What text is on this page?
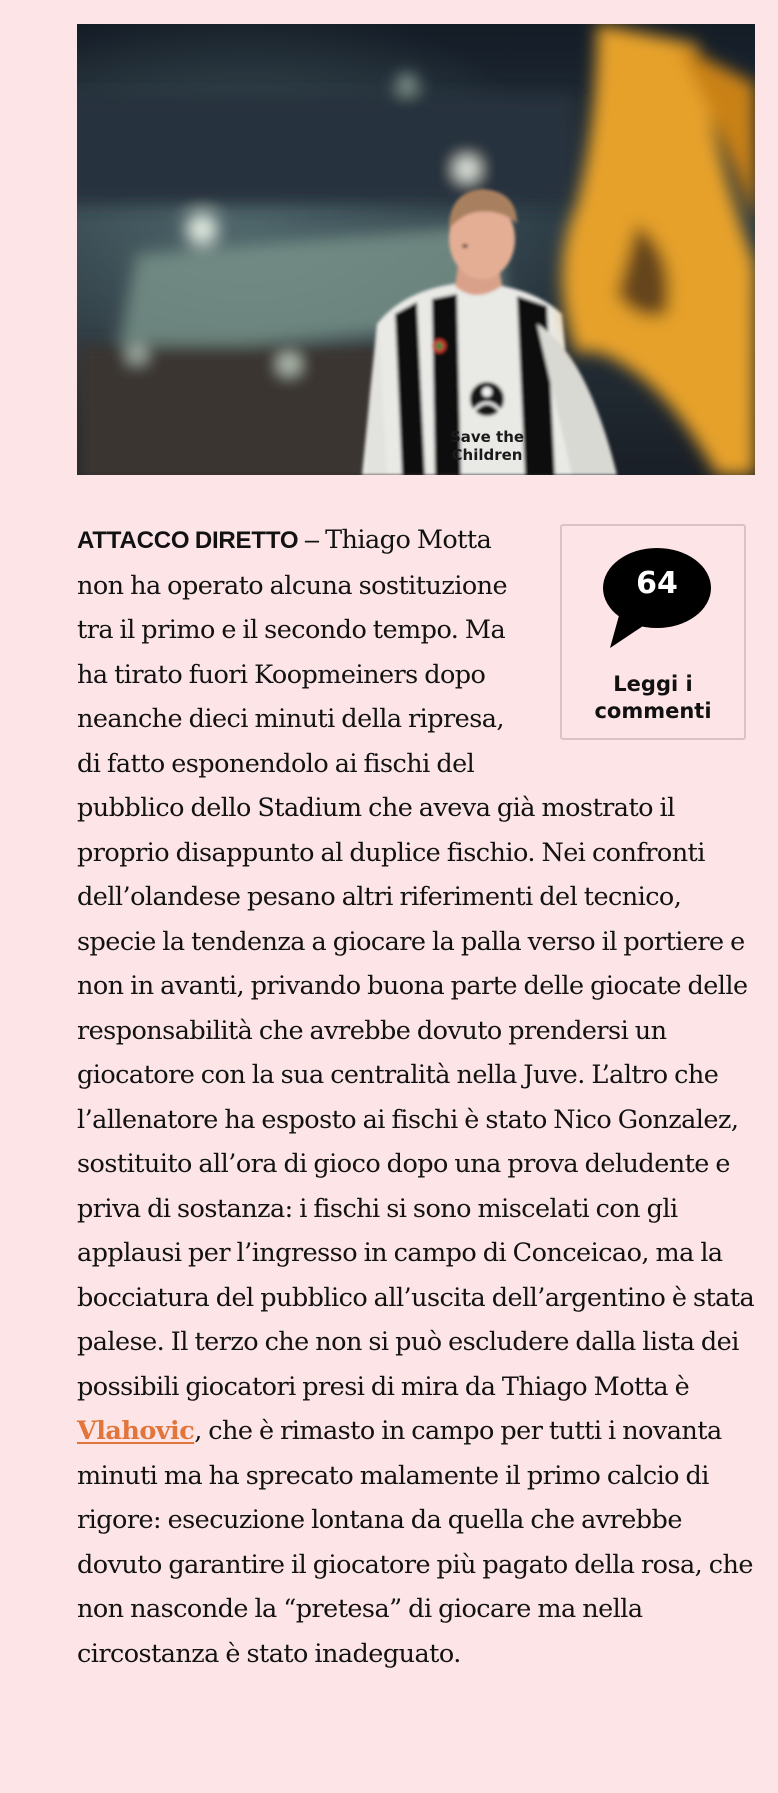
Save the
Children
64
Leggi i
commenti

ATTACCO DIRETTO – Thiago Motta non ha operato alcuna sostituzione tra il primo e il secondo tempo. Ma ha tirato fuori Koopmeiners dopo neanche dieci minuti della ripresa, di fatto esponendolo ai fischi del pubblico dello Stadium che aveva già mostrato il proprio disappunto al duplice fischio. Nei confronti dell’olandese pesano altri riferimenti del tecnico, specie la tendenza a giocare la palla verso il portiere e non in avanti, privando buona parte delle giocate delle responsabilità che avrebbe dovuto prendersi un giocatore con la sua centralità nella Juve. L’altro che l’allenatore ha esposto ai fischi è stato Nico Gonzalez, sostituito all’ora di gioco dopo una prova deludente e priva di sostanza: i fischi si sono miscelati con gli applausi per l’ingresso in campo di Conceicao, ma la bocciatura del pubblico all’uscita dell’argentino è stata palese. Il terzo che non si può escludere dalla lista dei possibili giocatori presi di mira da Thiago Motta è Vlahovic, che è rimasto in campo per tutti i novanta minuti ma ha sprecato malamente il primo calcio di rigore: esecuzione lontana da quella che avrebbe dovuto garantire il giocatore più pagato della rosa, che non nasconde la “pretesa” di giocare ma nella circostanza è stato inadeguato.
